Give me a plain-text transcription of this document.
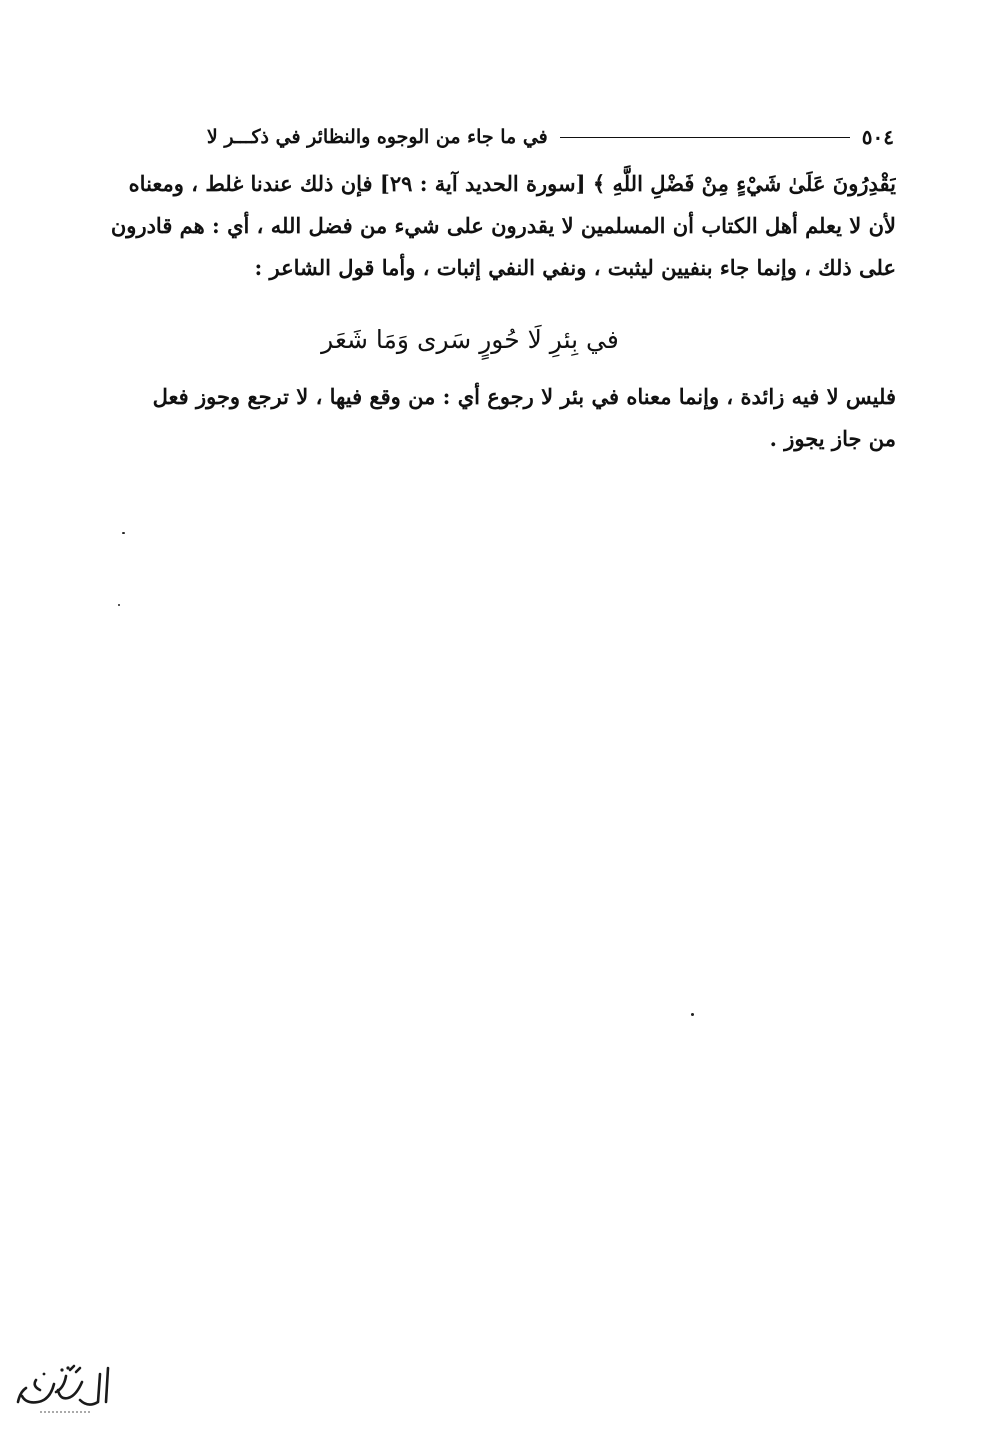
٥٠٤
في ما جاء من الوجوه والنظائر في ذكـــر لا
يَقْدِرُونَ عَلَىٰ شَيْءٍ مِنْ فَضْلِ اللَّهِ ﴾ [سورة الحديد آية : ٢٩] فإن ذلك عندنا غلط ، ومعناه
لأن لا يعلم أهل الكتاب أن المسلمين لا يقدرون على شيء من فضل الله ، أي : هم قادرون
على ذلك ، وإنما جاء بنفيين ليثبت ، ونفي النفي إثبات ، وأما قول الشاعر :
في بِئرِ لَا حُورٍ سَرى وَمَا شَعَر
فليس لا فيه زائدة ، وإنما معناه في بئر لا رجوع أي : من وقع فيها ، لا ترجع وجوز فعل
من جاز يجوز .
